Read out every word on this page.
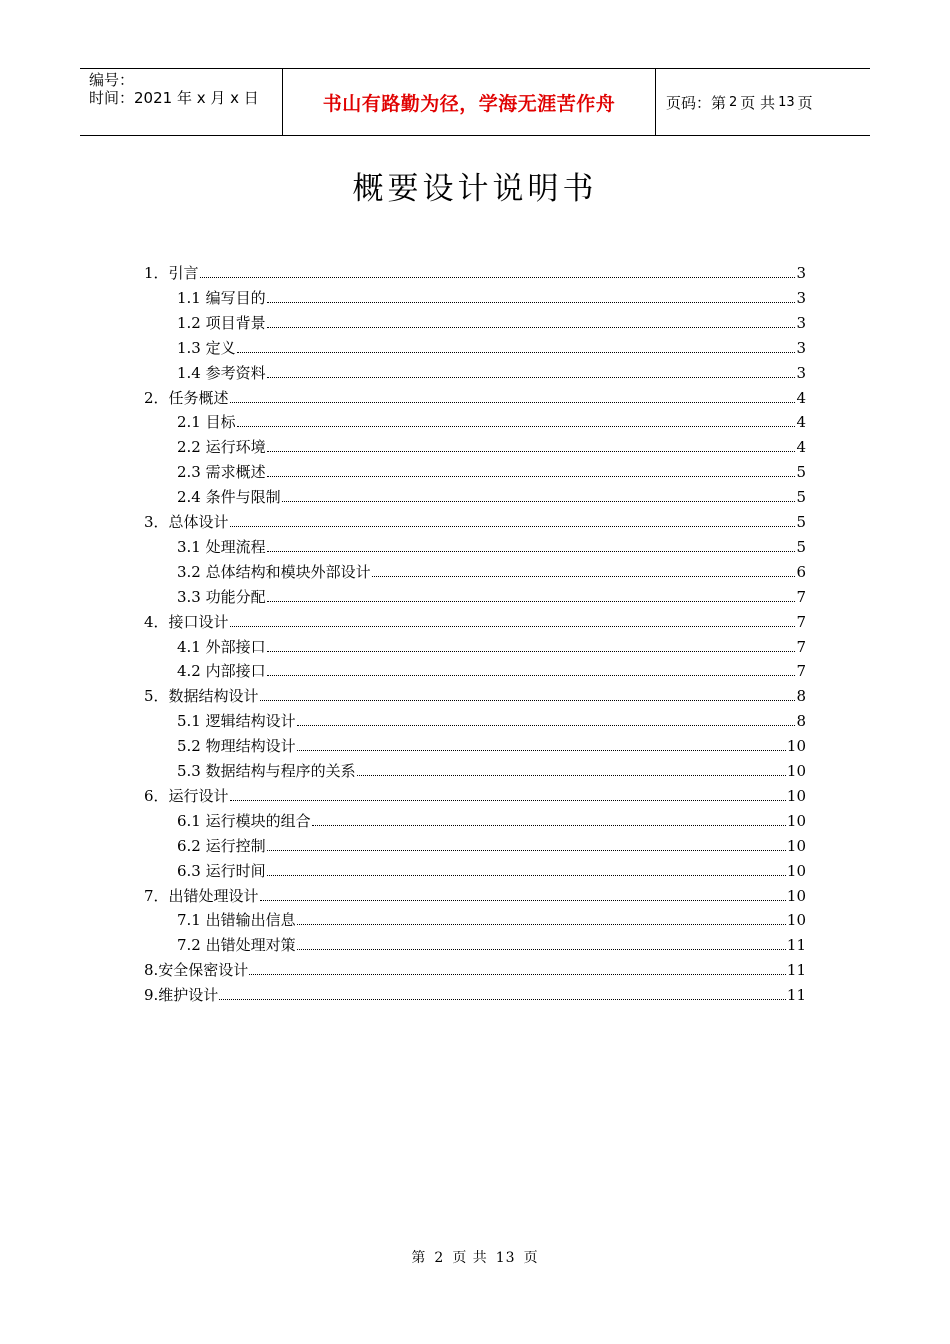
编号：
时间：2021 年 x 月 x 日	书山有路勤为径，学海无涯苦作舟	页码：第 2 页 共 13 页
概要设计说明书
1．引言	3
1.1 编写目的	3
1.2 项目背景	3
1.3 定义	3
1.4 参考资料	3
2．任务概述	4
2.1 目标	4
2.2 运行环境	4
2.3 需求概述	5
2.4 条件与限制	5
3．总体设计	5
3.1 处理流程	5
3.2 总体结构和模块外部设计	6
3.3 功能分配	7
4．接口设计	7
4.1 外部接口	7
4.2 内部接口	7
5．数据结构设计	8
5.1 逻辑结构设计	8
5.2 物理结构设计	10
5.3 数据结构与程序的关系	10
6．运行设计	10
6.1 运行模块的组合	10
6.2 运行控制	10
6.3 运行时间	10
7．出错处理设计	10
7.1 出错输出信息	10
7.2 出错处理对策	11
8.安全保密设计	11
9.维护设计	11
第 2 页 共 13 页
